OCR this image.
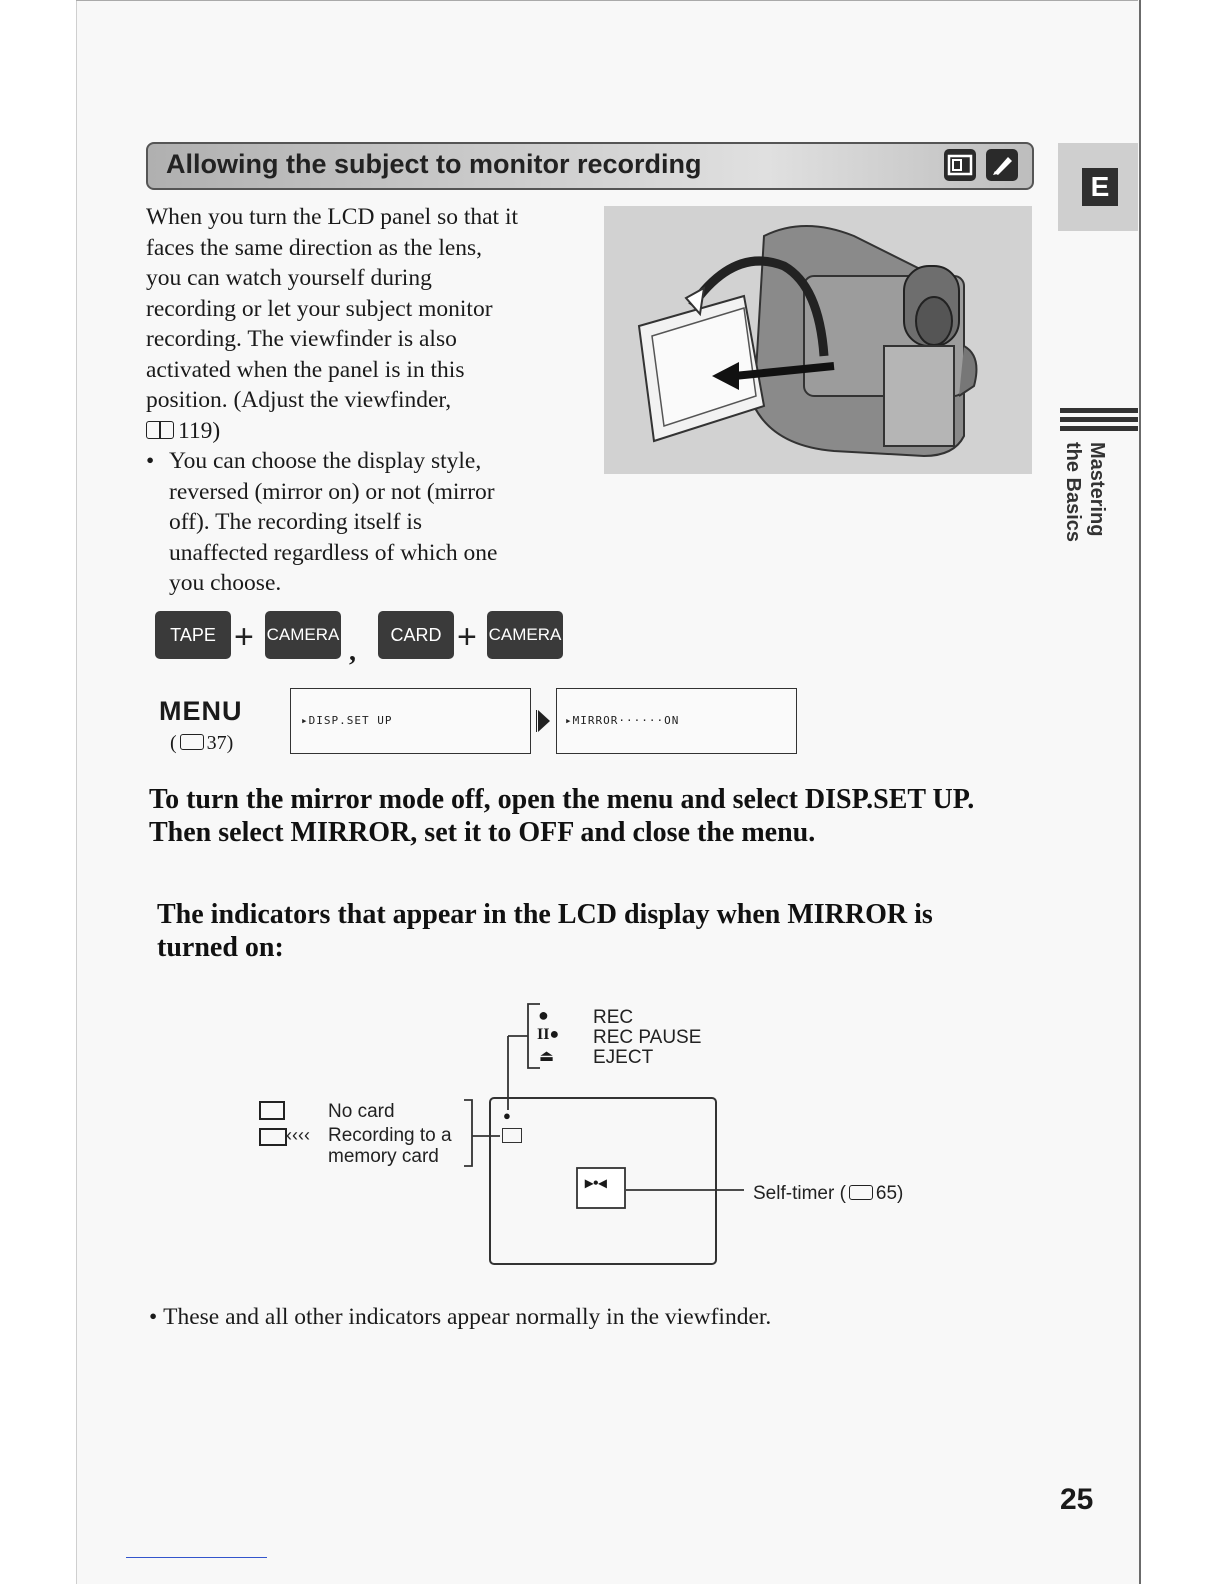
Allowing the subject to monitor recording
E
Mastering
the Basics
When you turn the LCD panel so that it
faces the same direction as the lens,
you can watch yourself during
recording or let your subject monitor
recording. The viewfinder is also
activated when the panel is in this
position. (Adjust the viewfinder,
119)
• You can choose the display style,
reversed (mirror on) or not (mirror
off). The recording itself is
unaffected regardless of which one
you choose.
TAPE + CAMERA
,
CARD + CAMERA
MENU
( 37)
▸DISP.SET UP	▸MIRROR······ON
To turn the mirror mode off, open the menu and select DISP.SET UP.
Then select MIRROR, set it to OFF and close the menu.
The indicators that appear in the LCD display when MIRROR is
turned on:
●
II●
⏏
REC
REC PAUSE
EJECT
●
No card
‹‹‹‹ Recording to a
memory card
▸•◂	Self-timer ( 65)
• These and all other indicators appear normally in the viewfinder.
25
